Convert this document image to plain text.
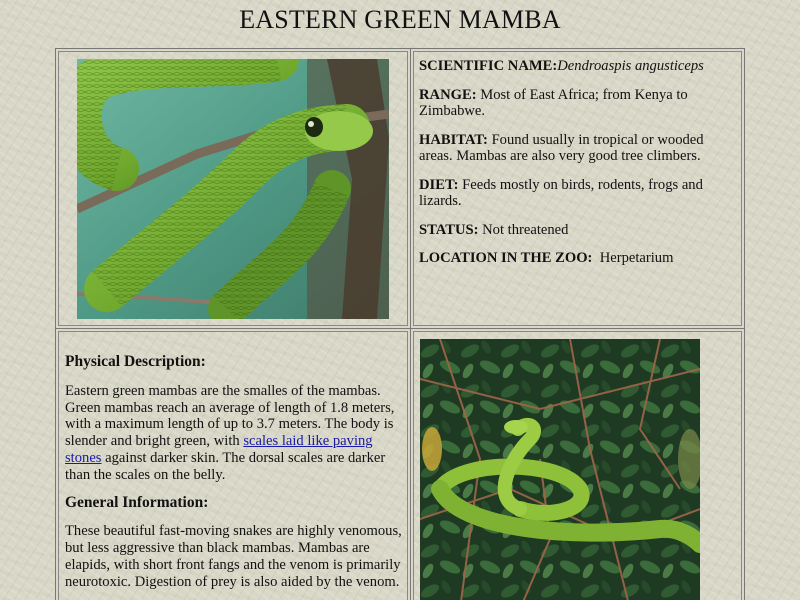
EASTERN GREEN MAMBA

SCIENTIFIC NAME:Dendroaspis angusticeps

RANGE: Most of East Africa; from Kenya to Zimbabwe.

HABITAT: Found usually in tropical or wooded areas. Mambas are also very good tree climbers.

DIET: Feeds mostly on birds, rodents, frogs and lizards.

STATUS: Not threatened

LOCATION IN THE ZOO:  Herpetarium

Physical Description:

Eastern green mambas are the smalles of the mambas. Green mambas reach an average of length of 1.8 meters, with a maximum length of up to 3.7 meters. The body is slender and bright green, with scales laid like paving stones against darker skin. The dorsal scales are darker than the scales on the belly.

General Information:

These beautiful fast-moving snakes are highly venomous, but less aggressive than black mambas. Mambas are elapids, with short front fangs and the venom is primarily neurotoxic. Digestion of prey is also aided by the venom.
